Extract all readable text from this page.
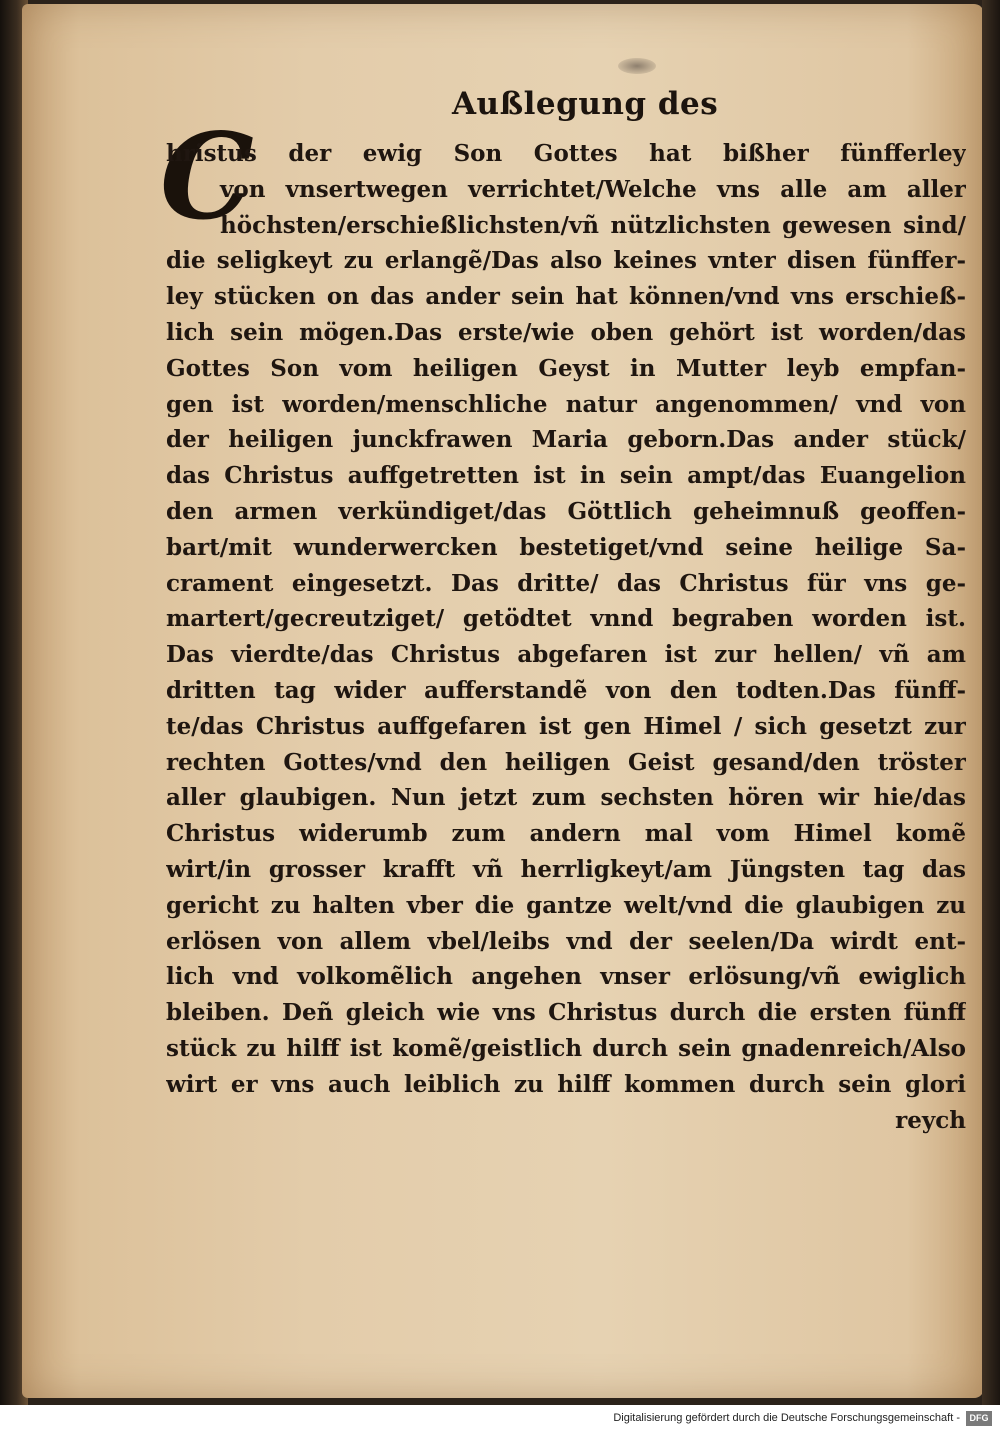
Außlegung des
C
hristus der ewig Son Gottes hat bißher fünfferley
von vnsertwegen verrichtet/Welche vns alle am aller
höchsten/erschießlichsten/vñ nützlichsten gewesen sind/
die seligkeyt zu erlangẽ/Das also keines vnter disen fünffer-
ley stücken on das ander sein hat können/vnd vns erschieß-
lich sein mögen.Das erste/wie oben gehört ist worden/das
Gottes Son vom heiligen Geyst in Mutter leyb empfan-
gen ist worden/menschliche natur angenommen/ vnd von
der heiligen junckfrawen Maria geborn.Das ander stück/
das Christus auffgetretten ist in sein ampt/das Euangelion
den armen verkündiget/das Göttlich geheimnuß geoffen-
bart/mit wunderwercken bestetiget/vnd seine heilige Sa-
crament eingesetzt. Das dritte/ das Christus für vns ge-
martert/gecreutziget/ getödtet vnnd begraben worden ist.
Das vierdte/das Christus abgefaren ist zur hellen/ vñ am
dritten tag wider aufferstandẽ von den todten.Das fünff-
te/das Christus auffgefaren ist gen Himel / sich gesetzt zur
rechten Gottes/vnd den heiligen Geist gesand/den tröster
aller glaubigen. Nun jetzt zum sechsten hören wir hie/das
Christus widerumb zum andern mal vom Himel komẽ
wirt/in grosser krafft vñ herrligkeyt/am Jüngsten tag das
gericht zu halten vber die gantze welt/vnd die glaubigen zu
erlösen von allem vbel/leibs vnd der seelen/Da wirdt ent-
lich vnd volkomẽlich angehen vnser erlösung/vñ ewiglich
bleiben. Deñ gleich wie vns Christus durch die ersten fünff
stück zu hilff ist komẽ/geistlich durch sein gnadenreich/Also
wirt er vns auch leiblich zu hilff kommen durch sein glori
reych
Digitalisierung gefördert durch die Deutsche Forschungsgemeinschaft -	DFG
